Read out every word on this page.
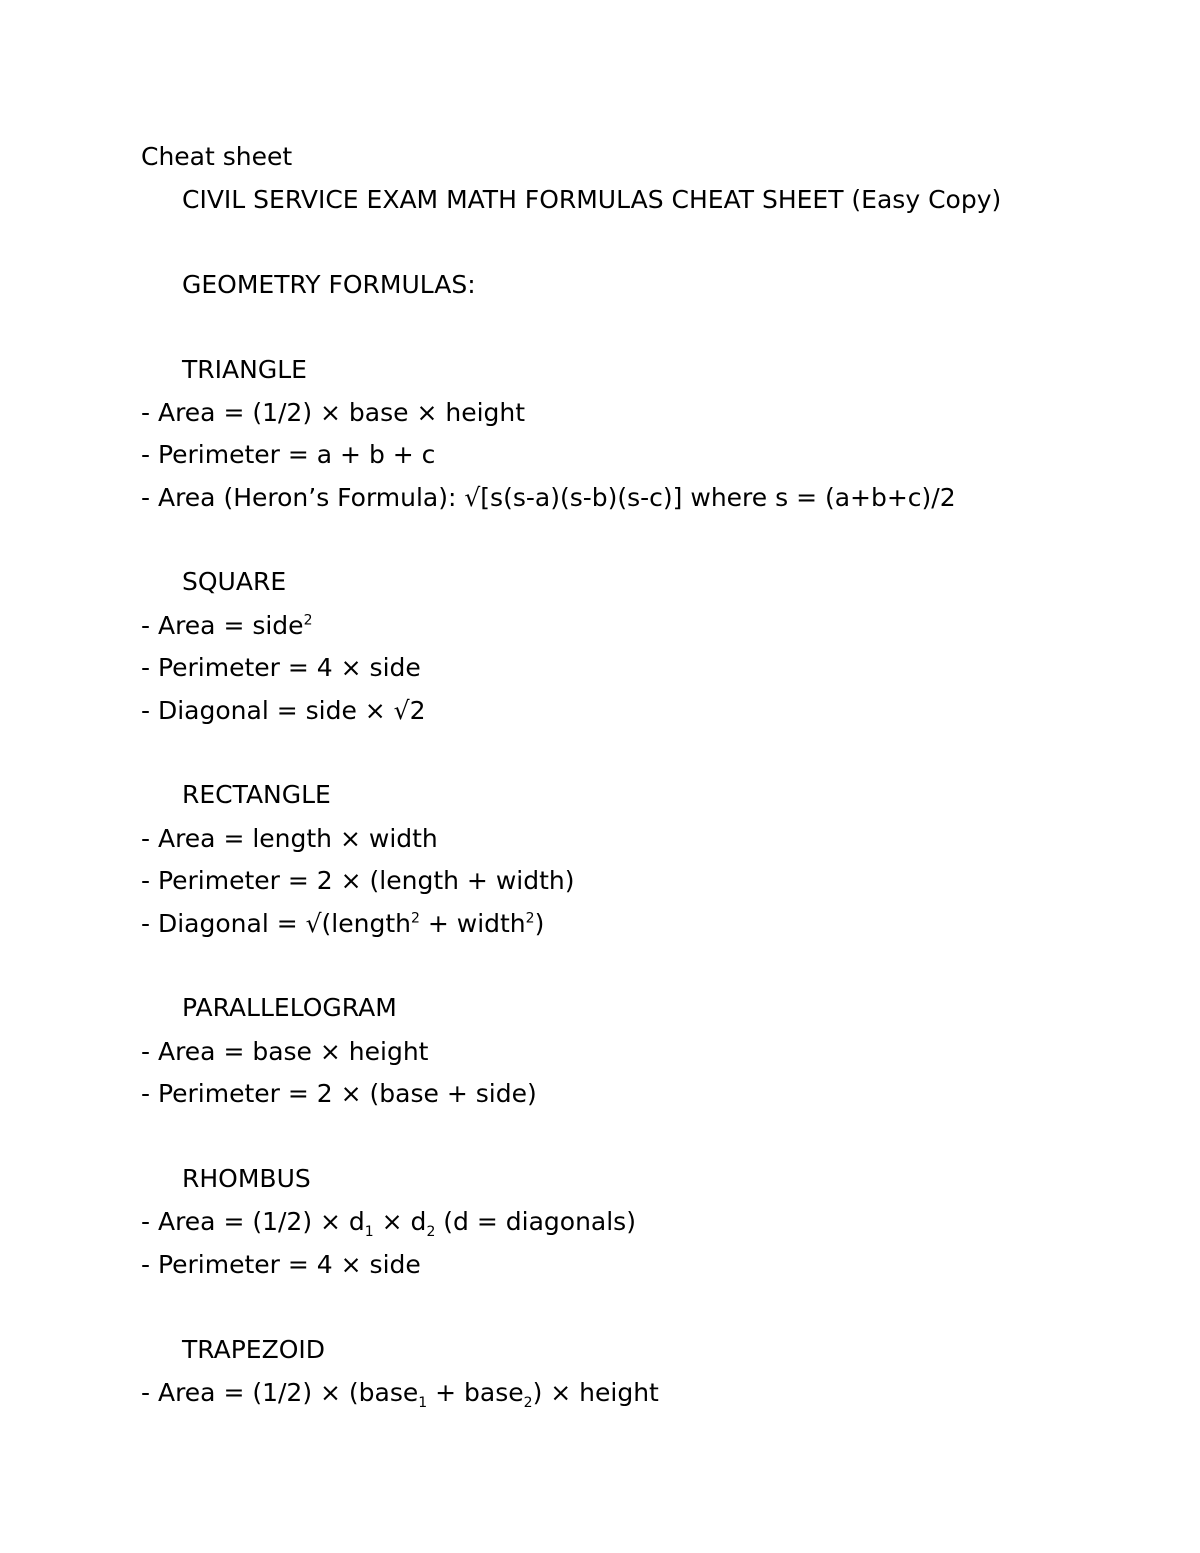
Cheat sheet
CIVIL SERVICE EXAM MATH FORMULAS CHEAT SHEET (Easy Copy)
GEOMETRY FORMULAS:
TRIANGLE
- Area = (1/2) × base × height
- Perimeter = a + b + c
- Area (Heron’s Formula): √[s(s-a)(s-b)(s-c)] where s = (a+b+c)/2
SQUARE
- Area = side$^2$
- Perimeter = 4 × side
- Diagonal = side × √2
RECTANGLE
- Area = length × width
- Perimeter = 2 × (length + width)
- Diagonal = √(length$^2$ + width$^2$)
PARALLELOGRAM
- Area = base × height
- Perimeter = 2 × (base + side)
RHOMBUS
- Area = $(1/2) \times d_1 \times d_2$ (d = diagonals)
- Perimeter = 4 × side
TRAPEZOID
- Area = (1/2) × (base$_1$ + base$_2$) × height
